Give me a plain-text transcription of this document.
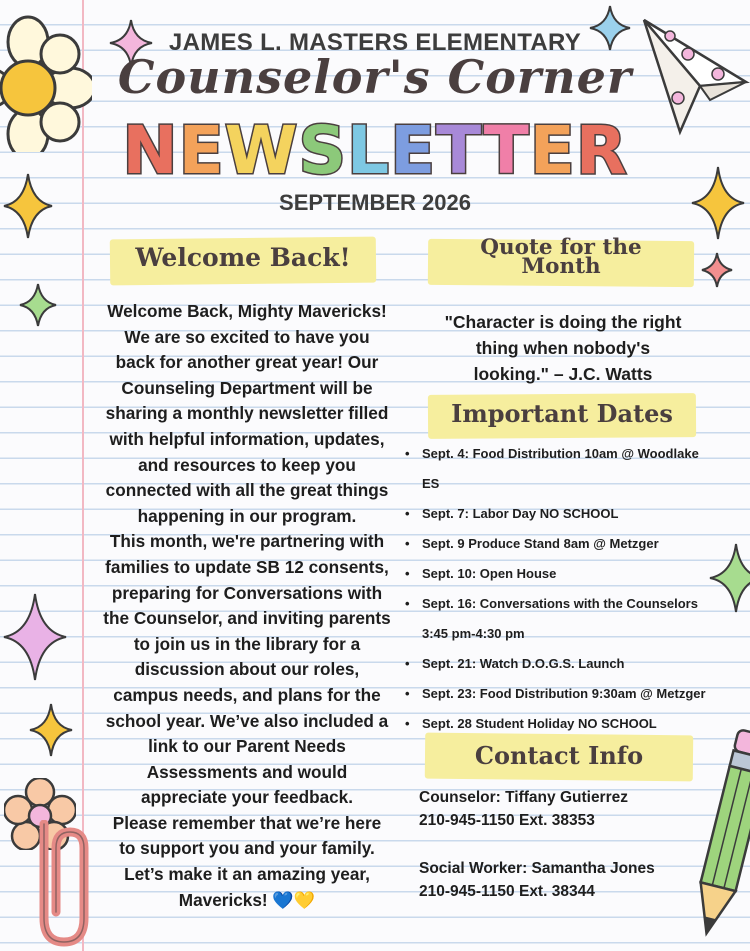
JAMES L. MASTERS ELEMENTARY
Counselor's Corner
NEWSLETTER
SEPTEMBER 2026
Welcome Back!
Welcome Back, Mighty Mavericks!
We are so excited to have you
back for another great year! Our
Counseling Department will be
sharing a monthly newsletter filled
with helpful information, updates,
and resources to keep you
connected with all the great things
happening in our program.
This month, we're partnering with
families to update SB 12 consents,
preparing for Conversations with
the Counselor, and inviting parents
to join us in the library for a
discussion about our roles,
campus needs, and plans for the
school year. We’ve also included a
link to our Parent Needs
Assessments and would
appreciate your feedback.
Please remember that we’re here
to support you and your family.
Let’s make it an amazing year,
Mavericks! 💙💛
Quote for the
Month
"Character is doing the right
thing when nobody's
looking." – J.C. Watts
Important Dates
• Sept. 4: Food Distribution 10am @ Woodlake
ES
• Sept. 7: Labor Day NO SCHOOL
• Sept. 9 Produce Stand 8am @ Metzger
• Sept. 10: Open House
• Sept. 16: Conversations with the Counselors
3:45 pm-4:30 pm
• Sept. 21: Watch D.O.G.S. Launch
• Sept. 23: Food Distribution 9:30am @ Metzger
• Sept. 28 Student Holiday NO SCHOOL
Contact Info
Counselor: Tiffany Gutierrez
210-945-1150 Ext. 38353
Social Worker: Samantha Jones
210-945-1150 Ext. 38344
